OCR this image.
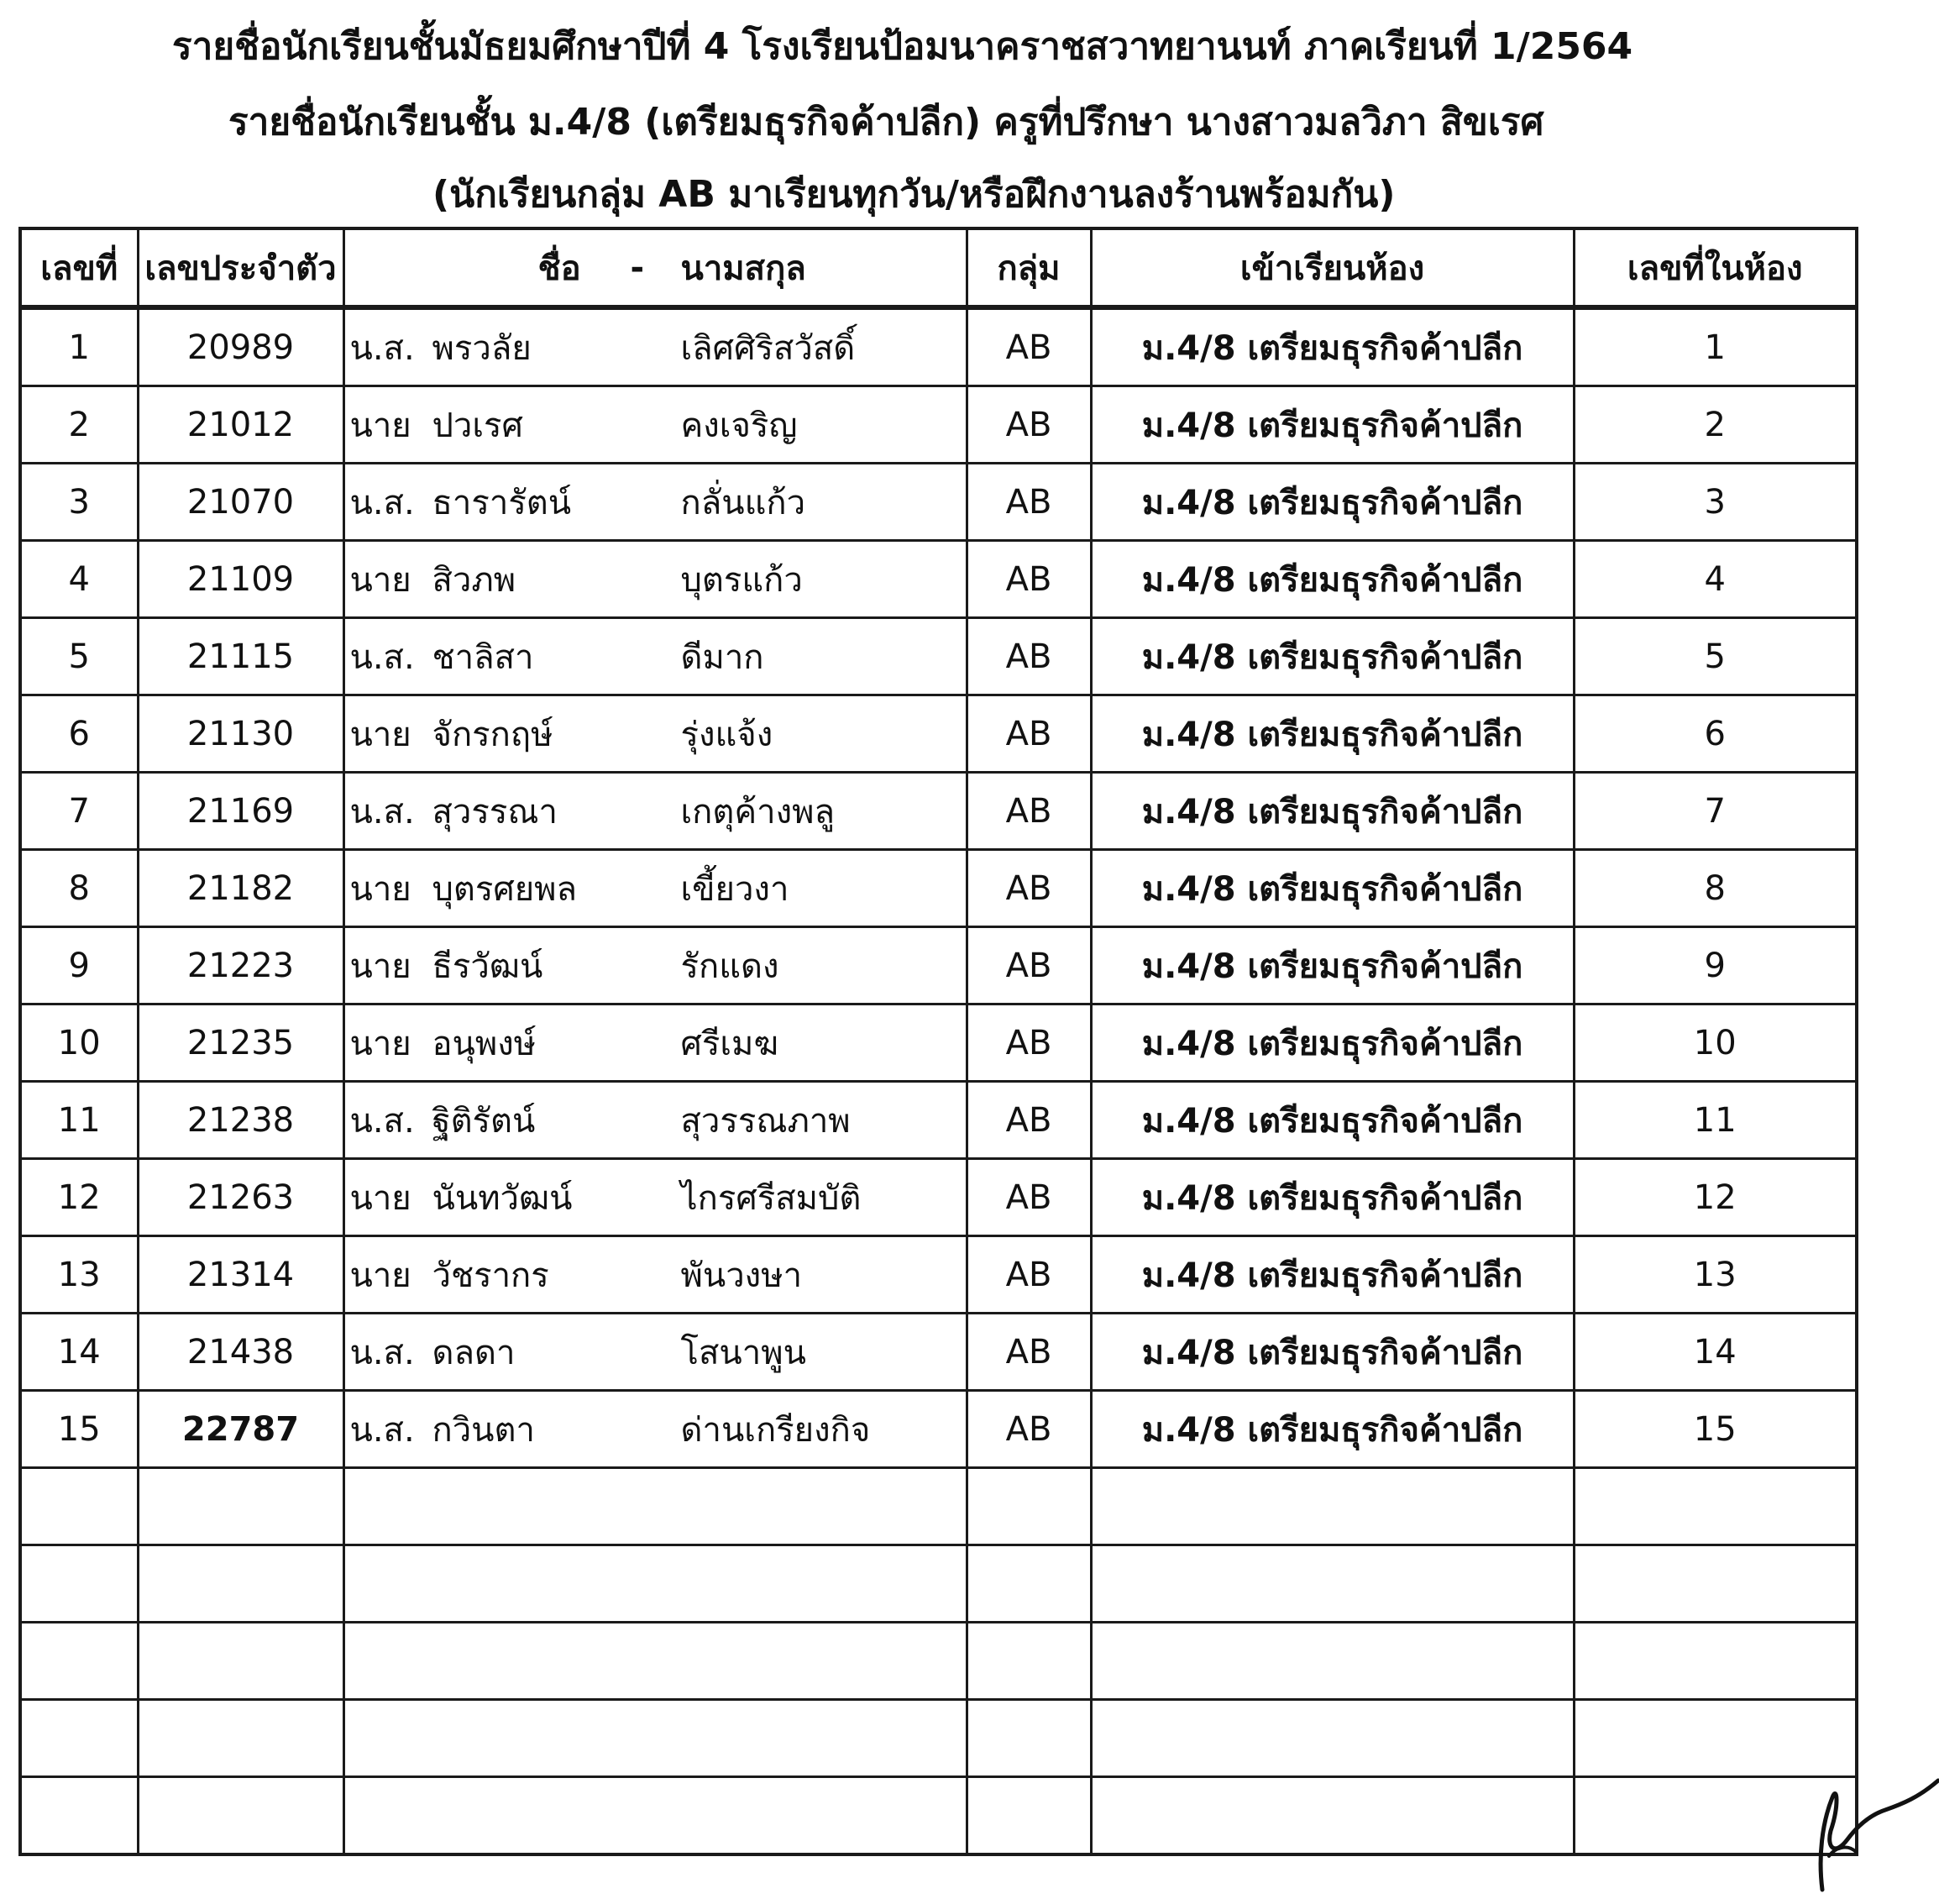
รายชื่อนักเรียนชั้นมัธยมศึกษาปีที่ 4 โรงเรียนป้อมนาคราชสวาทยานนท์ ภาคเรียนที่ 1/2564
รายชื่อนักเรียนชั้น ม.4/8 (เตรียมธุรกิจค้าปลีก) ครูที่ปรึกษา นางสาวมลวิภา สิขเรศ
(นักเรียนกลุ่ม AB มาเรียนทุกวัน/หรือฝึกงานลงร้านพร้อมกัน)
เลขที่	เลขประจำตัว	ชื่อ - นามสกุล	กลุ่ม	เข้าเรียนห้อง	เลขที่ในห้อง
1	20989	น.ส. พรวลัย เลิศศิริสวัสดิ์	AB	ม.4/8 เตรียมธุรกิจค้าปลีก	1
2	21012	นาย ปวเรศ คงเจริญ	AB	ม.4/8 เตรียมธุรกิจค้าปลีก	2
3	21070	น.ส. ธารารัตน์ กลั่นแก้ว	AB	ม.4/8 เตรียมธุรกิจค้าปลีก	3
4	21109	นาย สิวภพ บุตรแก้ว	AB	ม.4/8 เตรียมธุรกิจค้าปลีก	4
5	21115	น.ส. ชาลิสา ดีมาก	AB	ม.4/8 เตรียมธุรกิจค้าปลีก	5
6	21130	นาย จักรกฤษ์ รุ่งแจ้ง	AB	ม.4/8 เตรียมธุรกิจค้าปลีก	6
7	21169	น.ส. สุวรรณา เกตุค้างพลู	AB	ม.4/8 เตรียมธุรกิจค้าปลีก	7
8	21182	นาย บุตรศยพล เขี้ยวงา	AB	ม.4/8 เตรียมธุรกิจค้าปลีก	8
9	21223	นาย ธีรวัฒน์ รักแดง	AB	ม.4/8 เตรียมธุรกิจค้าปลีก	9
10	21235	นาย อนุพงษ์ ศรีเมฆ	AB	ม.4/8 เตรียมธุรกิจค้าปลีก	10
11	21238	น.ส. ฐิติรัตน์ สุวรรณภาพ	AB	ม.4/8 เตรียมธุรกิจค้าปลีก	11
12	21263	นาย นันทวัฒน์ ไกรศรีสมบัติ	AB	ม.4/8 เตรียมธุรกิจค้าปลีก	12
13	21314	นาย วัชรากร พันวงษา	AB	ม.4/8 เตรียมธุรกิจค้าปลีก	13
14	21438	น.ส. ดลดา โสนาพูน	AB	ม.4/8 เตรียมธุรกิจค้าปลีก	14
15	22787	น.ส. กวินตา ด่านเกรียงกิจ	AB	ม.4/8 เตรียมธุรกิจค้าปลีก	15
